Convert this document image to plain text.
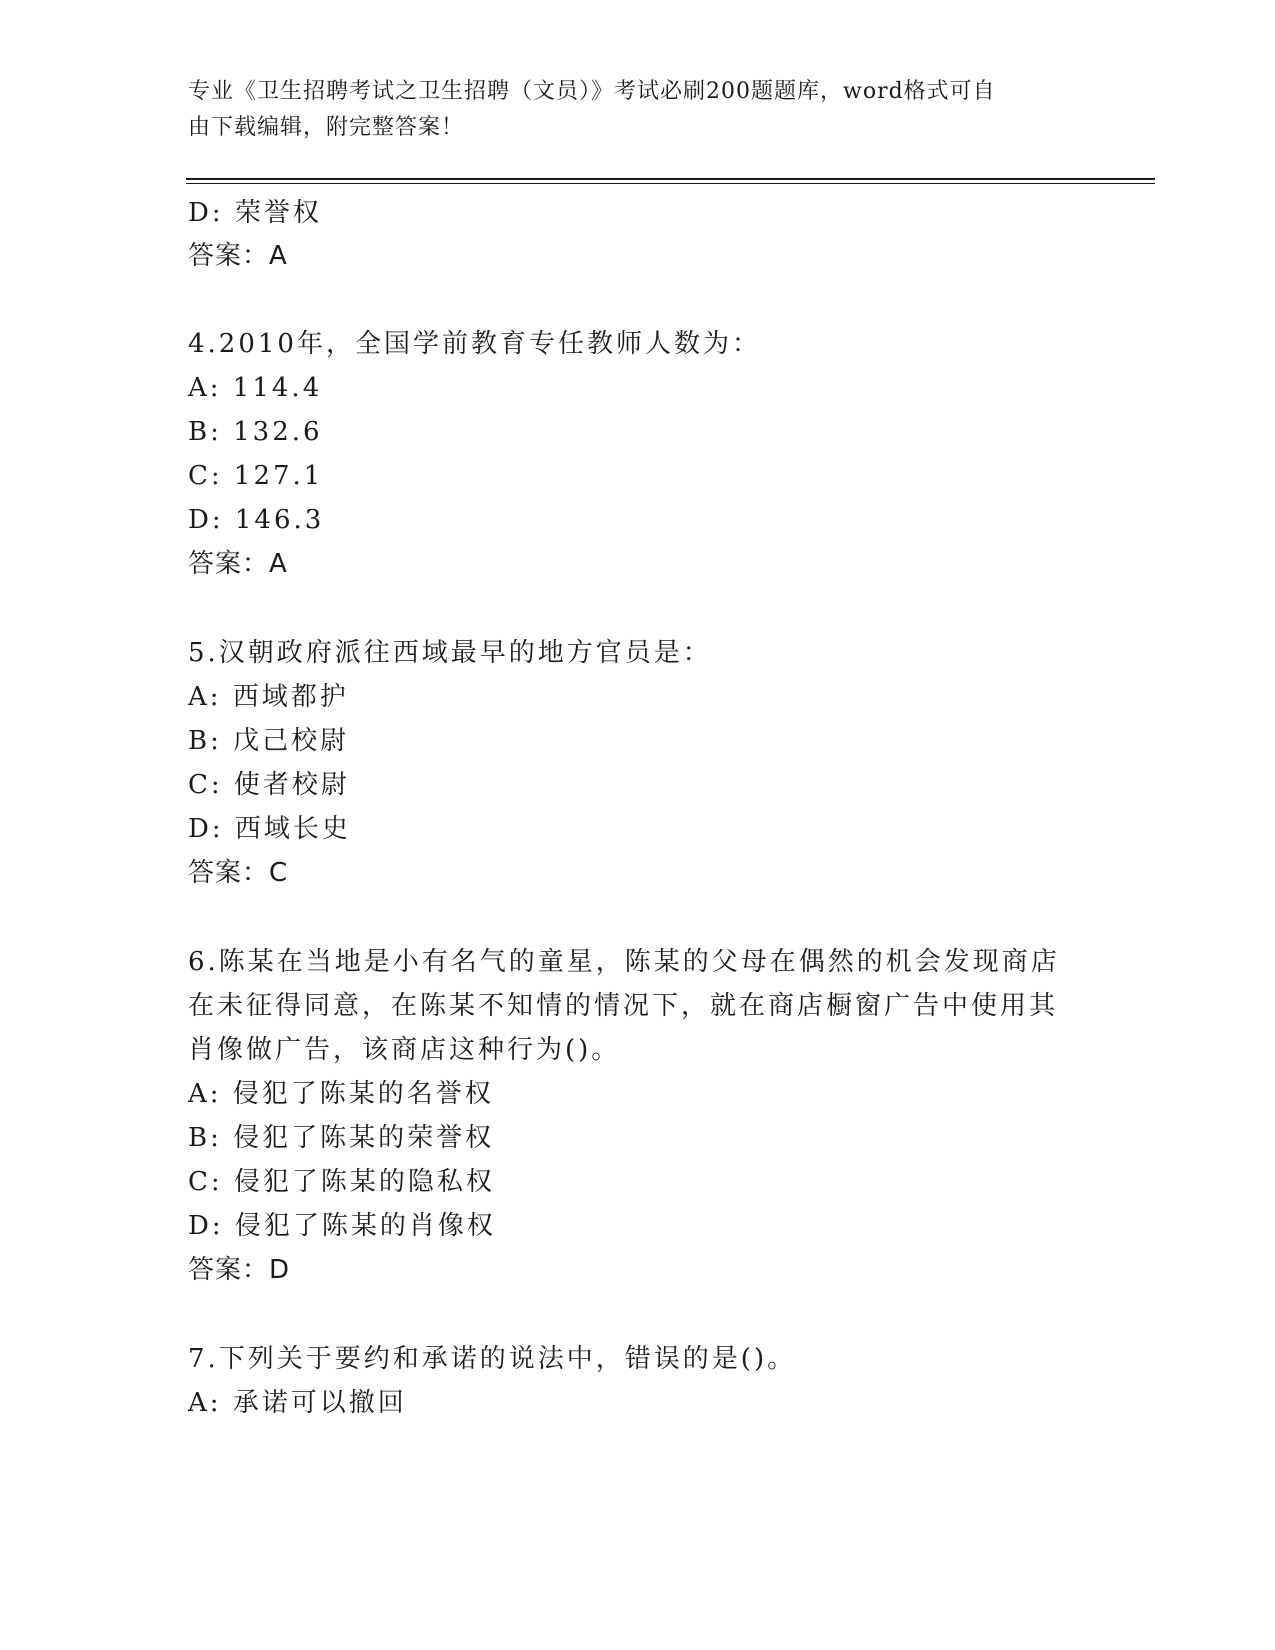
专业《卫生招聘考试之卫生招聘（文员）》考试必刷200题题库，word格式可自
由下载编辑，附完整答案！
D: 荣誉权
答案：A
4.2010年，全国学前教育专任教师人数为：
A: 114.4
B: 132.6
C: 127.1
D: 146.3
答案：A
5.汉朝政府派往西域最早的地方官员是：
A: 西域都护
B: 戊己校尉
C: 使者校尉
D: 西域长史
答案：C
6.陈某在当地是小有名气的童星，陈某的父母在偶然的机会发现商店
在未征得同意，在陈某不知情的情况下，就在商店橱窗广告中使用其
肖像做广告，该商店这种行为()。
A: 侵犯了陈某的名誉权
B: 侵犯了陈某的荣誉权
C: 侵犯了陈某的隐私权
D: 侵犯了陈某的肖像权
答案：D
7.下列关于要约和承诺的说法中，错误的是()。
A: 承诺可以撤回
